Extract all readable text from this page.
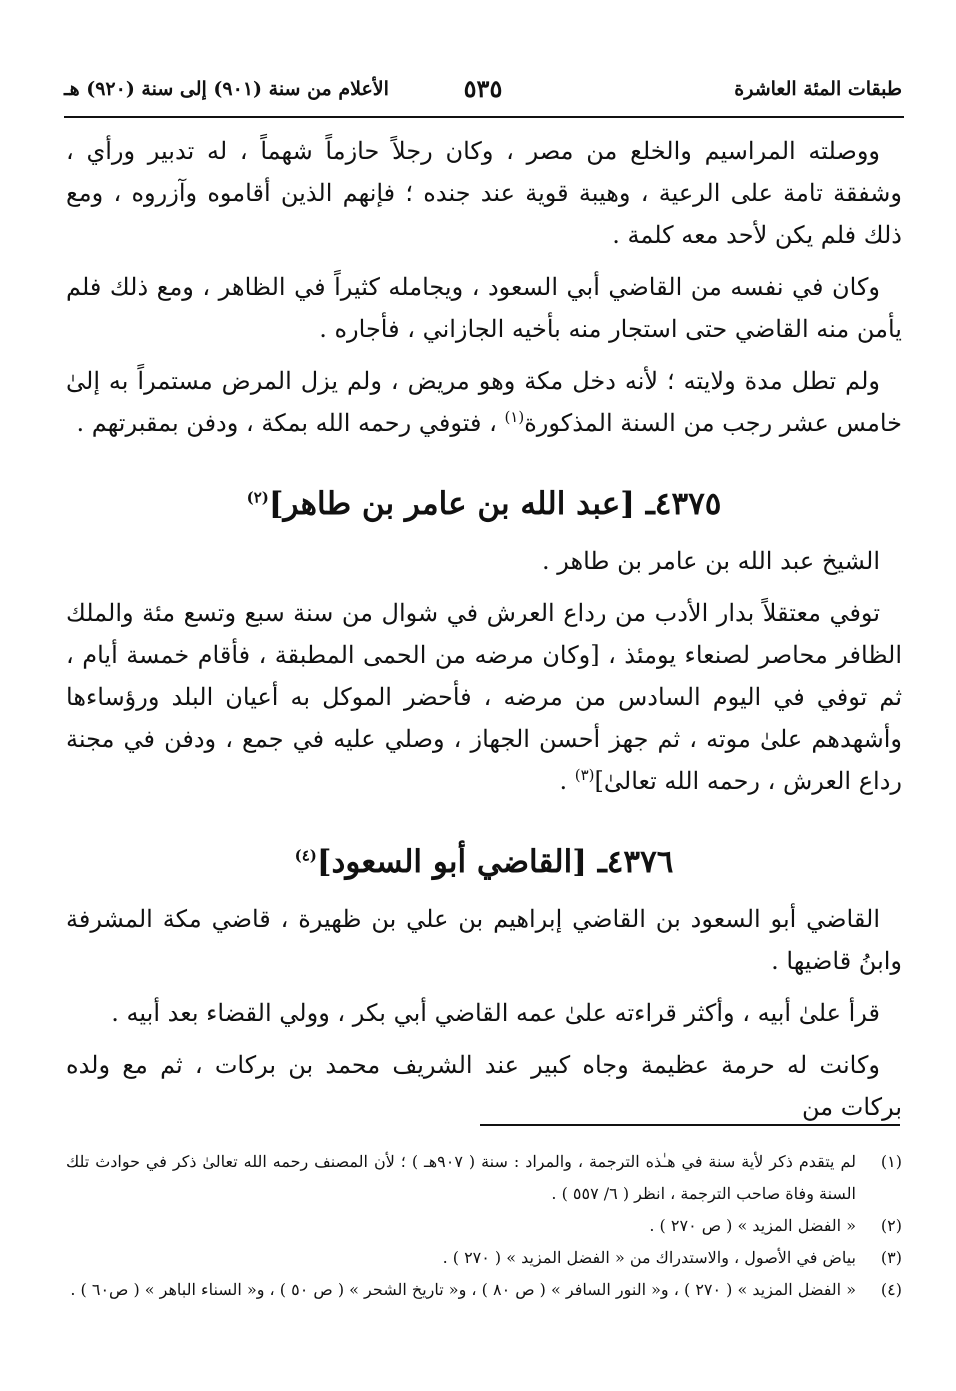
طبقات المئة العاشرة
٥٣٥
الأعلام من سنة (٩٠١) إلى سنة (٩٢٠) هـ

ووصلته المراسيم والخلع من مصر ، وكان رجلاً حازماً شهماً ، له تدبير ورأي ، وشفقة تامة على الرعية ، وهيبة قوية عند جنده ؛ فإنهم الذين أقاموه وآزروه ، ومع ذلك فلم يكن لأحد معه كلمة .

وكان في نفسه من القاضي أبي السعود ، ويجامله كثيراً في الظاهر ، ومع ذلك فلم يأمن منه القاضي حتى استجار منه بأخيه الجازاني ، فأجاره .

ولم تطل مدة ولايته ؛ لأنه دخل مكة وهو مريض ، ولم يزل المرض مستمراً به إلىٰ خامس عشر رجب من السنة المذكورة$^{(١)}$ ، فتوفي رحمه الله بمكة ، ودفن بمقبرتهم .

٤٣٧٥ـ [عبد الله بن عامر بن طاهر]$^{(٢)}$

الشيخ عبد الله بن عامر بن طاهر .

توفي معتقلاً بدار الأدب من رداع العرش في شوال من سنة سبع وتسع مئة والملك الظافر محاصر لصنعاء يومئذ ، [وكان مرضه من الحمى المطبقة ، فأقام خمسة أيام ، ثم توفي في اليوم السادس من مرضه ، فأحضر الموكل به أعيان البلد ورؤساءها وأشهدهم علىٰ موته ، ثم جهز أحسن الجهاز ، وصلي عليه في جمع ، ودفن في مجنة رداع العرش ، رحمه الله تعالىٰ]$^{(٣)}$ .

٤٣٧٦ـ [القاضي أبو السعود]$^{(٤)}$

القاضي أبو السعود بن القاضي إبراهيم بن علي بن ظهيرة ، قاضي مكة المشرفة وابنُ قاضيها .

قرأ علىٰ أبيه ، وأكثر قراءته علىٰ عمه القاضي أبي بكر ، وولي القضاء بعد أبيه .

وكانت له حرمة عظيمة وجاه كبير عند الشريف محمد بن بركات ، ثم مع ولده بركات من

(١)
لم يتقدم ذكر لأية سنة في هـٰذه الترجمة ، والمراد : سنة ( ٩٠٧هـ ) ؛ لأن المصنف رحمه الله تعالىٰ ذكر في حوادث تلك السنة وفاة صاحب الترجمة ، انظر ( ٦/ ٥٥٧ ) .
(٢)
« الفضل المزيد » ( ص ٢٧٠ ) .
(٣)
بياض في الأصول ، والاستدراك من « الفضل المزيد » ( ٢٧٠ ) .
(٤)
« الفضل المزيد » ( ٢٧٠ ) ، و« النور السافر » ( ص ٨٠ ) ، و« تاريخ الشحر » ( ص ٥٠ ) ، و« السناء الباهر » ( ص٦٠ ) .
